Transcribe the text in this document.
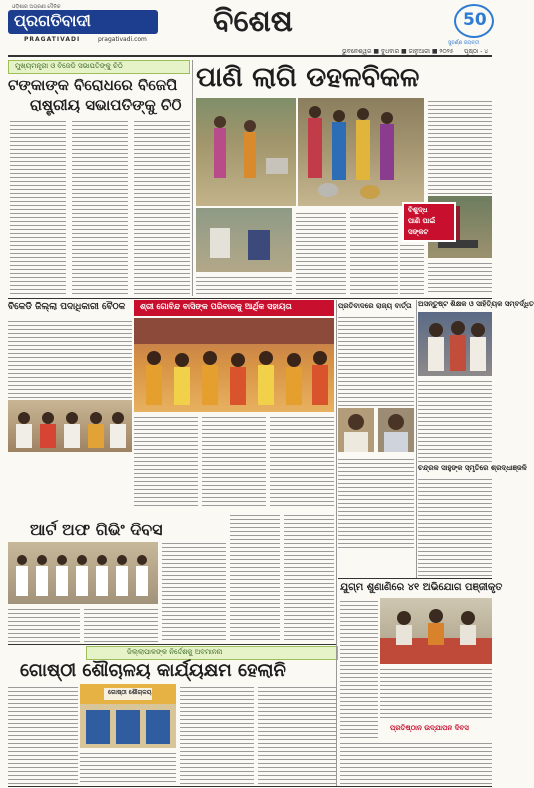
ଓଡ଼ିଶାର ଅଗ୍ରଣୀ ଦୈନିକ
ପ୍ରଗତିବାଦୀ
PRAGATIVADI	pragativadi.com
ବିଶେଷ	50
ସୁବର୍ଣ୍ଣ ଜୟନ୍ତୀ
ଭୁବନେଶ୍ୱର ■ ବୁଧବାର ■ ଜାନୁଆରୀ ■ ୨୦୨୫ ପୃଷ୍ଠା - ୪
ମୁଖ୍ୟମନ୍ତ୍ରୀ ଓ ବିଜେଡି ସଭାପତିଙ୍କୁ ଚିଠି
ଟଙ୍କାଙ୍କ ବିରୋଧରେ ବିଜେପି
ରାଷ୍ଟ୍ରୀୟ ସଭାପତିଙ୍କୁ ଚିଠି
ପାଣି ଲାଗି ଡହଳବିକଳ
ବିଶୁଦ୍ଧ
ପାଣି ପାଇଁ
ସଙ୍କଟ
ବିକେଡି ଜିଲ୍ଲା ପଦାଧିକାରୀ ବୈଠକ	ଶ୍ରୀ ଗୋବିନ୍ଦ ବାସିଙ୍କ ପରିବାରକୁ ଆର୍ଥିକ ସହାୟତା	ପ୍ରତିବାଦରେ ରାଜ୍ୟ ବାର୍ତ୍ତା ଅସନ୍ତୁଷ୍ଟ ଶିକ୍ଷକ ଓ ସାହିତ୍ୟିକ ସମ୍ବର୍ଦ୍ଧିତ
ଚନ୍ଦ୍ରକ ସାହୁଙ୍କ ସ୍ମୃତିରେ ଶ୍ରଦ୍ଧାଞ୍ଜଳି
ଆର୍ଟ ଅଫ ଗିଭିଂ ଦିବସ
ଯୁଗ୍ମ ଶୁଣାଣିରେ ୪୧ ଅଭିଯୋଗ ପଞ୍ଜୀକୃତ
ଜିଲ୍ଲାପାଳଙ୍କ ନିର୍ଦ୍ଦେଶକୁ ଅବମାନନା
ଗୋଷ୍ଠୀ ଶୌଚାଳୟ କାର୍ଯ୍ୟକ୍ଷମ ହେଲାନି
ଗୋଷ୍ଠୀ ଶୌଚାଳୟ
ପ୍ରତିଷ୍ଠାନ ଉଦ୍‌ଯାପନ ଦିବସ
